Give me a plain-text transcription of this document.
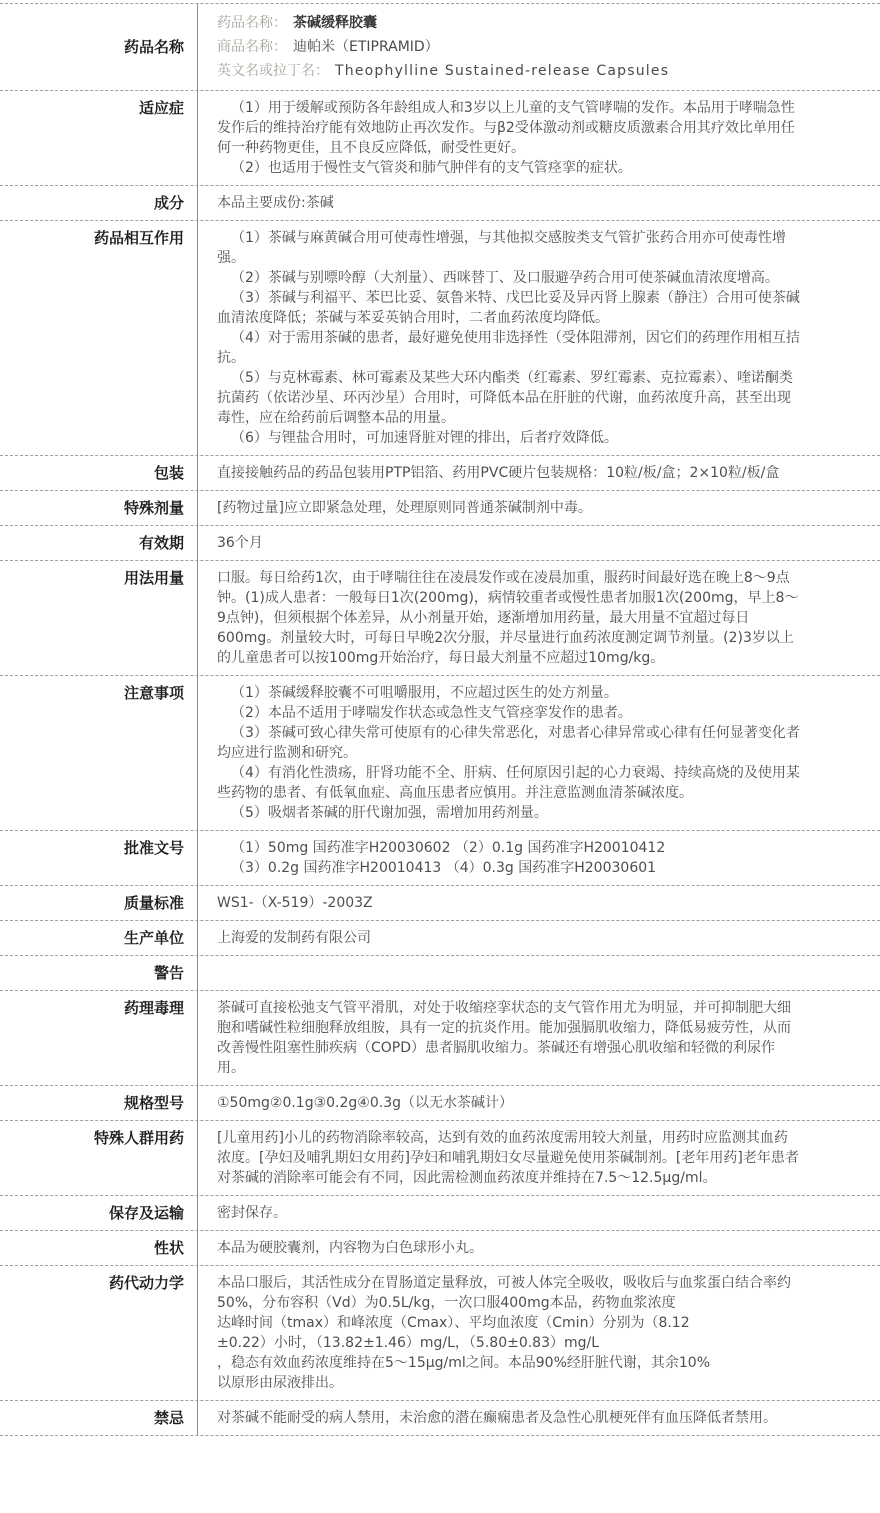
药品名称
药品名称： 茶碱缓释胶囊
商品名称： 迪帕米（ETIPRAMID）
英文名或拉丁名： Theophylline Sustained-release Capsules
适应症	（1）用于缓解或预防各年龄组成人和3岁以上儿童的支气管哮喘的发作。本品用于哮喘急性发作后的维持治疗能有效地防止再次发作。与β2受体激动剂或糖皮质激素合用其疗效比单用任何一种药物更佳，且不良反应降低，耐受性更好。

（2）也适用于慢性支气管炎和肺气肿伴有的支气管痉挛的症状。

成分	本品主要成份:茶碱

药品相互作用	（1）茶碱与麻黄碱合用可使毒性增强，与其他拟交感胺类支气管扩张药合用亦可使毒性增强。

（2）茶碱与别嘌呤醇（大剂量）、西咪替丁、及口服避孕药合用可使茶碱血清浓度增高。

（3）茶碱与利福平、苯巴比妥、氨鲁米特、戊巴比妥及异丙肾上腺素（静注）合用可使茶碱血清浓度降低；茶碱与苯妥英钠合用时，二者血药浓度均降低。

（4）对于需用茶碱的患者，最好避免使用非选择性（受体阻滞剂，因它们的药理作用相互拮抗。

（5）与克林霉素、林可霉素及某些大环内酯类（红霉素、罗红霉素、克拉霉素）、喹诺酮类抗菌药（依诺沙星、环丙沙星）合用时，可降低本品在肝脏的代谢，血药浓度升高，甚至出现毒性，应在给药前后调整本品的用量。

（6）与锂盐合用时，可加速肾脏对锂的排出，后者疗效降低。

包装	直接接触药品的药品包装用PTP铝箔、药用PVC硬片包装规格：10粒/板/盒；2×10粒/板/盒

特殊剂量	[药物过量]应立即紧急处理，处理原则同普通茶碱制剂中毒。

有效期	36个月

用法用量	口服。每日给药1次，由于哮喘往往在凌晨发作或在凌晨加重，服药时间最好选在晚上8～9点钟。(1)成人患者：一般每日1次(200mg)，病情较重者或慢性患者加服1次(200mg，早上8～9点钟)，但须根据个体差异，从小剂量开始，逐渐增加用药量，最大用量不宜超过每日600mg。剂量较大时，可每日早晚2次分服，并尽量进行血药浓度测定调节剂量。(2)3岁以上的儿童患者可以按100mg开始治疗，每日最大剂量不应超过10mg/kg。

注意事项	（1）茶碱缓释胶囊不可咀嚼服用，不应超过医生的处方剂量。

（2）本品不适用于哮喘发作状态或急性支气管痉挛发作的患者。

（3）茶碱可致心律失常可使原有的心律失常恶化，对患者心律异常或心律有任何显著变化者均应进行监测和研究。

（4）有消化性溃疡，肝肾功能不全、肝病、任何原因引起的心力衰竭、持续高烧的及使用某些药物的患者、有低氧血症、高血压患者应慎用。并注意监测血清茶碱浓度。

（5）吸烟者茶碱的肝代谢加强，需增加用药剂量。

批准文号	（1）50mg 国药准字H20030602 （2）0.1g 国药准字H20010412

（3）0.2g 国药准字H20010413 （4）0.3g 国药准字H20030601

质量标准	WS1-（X-519）-2003Z

生产单位	上海爱的发制药有限公司

警告
药理毒理	茶碱可直接松弛支气管平滑肌，对处于收缩痉挛状态的支气管作用尤为明显，并可抑制肥大细胞和嗜碱性粒细胞释放组胺，具有一定的抗炎作用。能加强膈肌收缩力，降低易疲劳性，从而改善慢性阻塞性肺疾病（COPD）患者膈肌收缩力。茶碱还有增强心肌收缩和轻微的利尿作用。

规格型号	①50mg②0.1g③0.2g④0.3g（以无水茶碱计）

特殊人群用药	[儿童用药]小儿的药物消除率较高，达到有效的血药浓度需用较大剂量，用药时应监测其血药浓度。[孕妇及哺乳期妇女用药]孕妇和哺乳期妇女尽量避免使用茶碱制剂。[老年用药]老年患者对茶碱的消除率可能会有不同，因此需检测血药浓度并维持在7.5～12.5μg/ml。

保存及运输	密封保存。

性状	本品为硬胶囊剂，内容物为白色球形小丸。

药代动力学	本品口服后，其活性成分在胃肠道定量释放，可被人体完全吸收，吸收后与血浆蛋白结合率约50%，分布容积（Vd）为0.5L/kg，一次口服400mg本品，药物血浆浓度

达峰时间（tmax）和峰浓度（Cmax）、平均血浓度（Cmin）分别为（8.12

±0.22）小时，（13.82±1.46）mg/L，（5.80±0.83）mg/L

，稳态有效血药浓度维持在5～15μg/ml之间。本品90%经肝脏代谢，其余10%

以原形由尿液排出。

禁忌	对茶碱不能耐受的病人禁用，未治愈的潜在癫痫患者及急性心肌梗死伴有血压降低者禁用。
